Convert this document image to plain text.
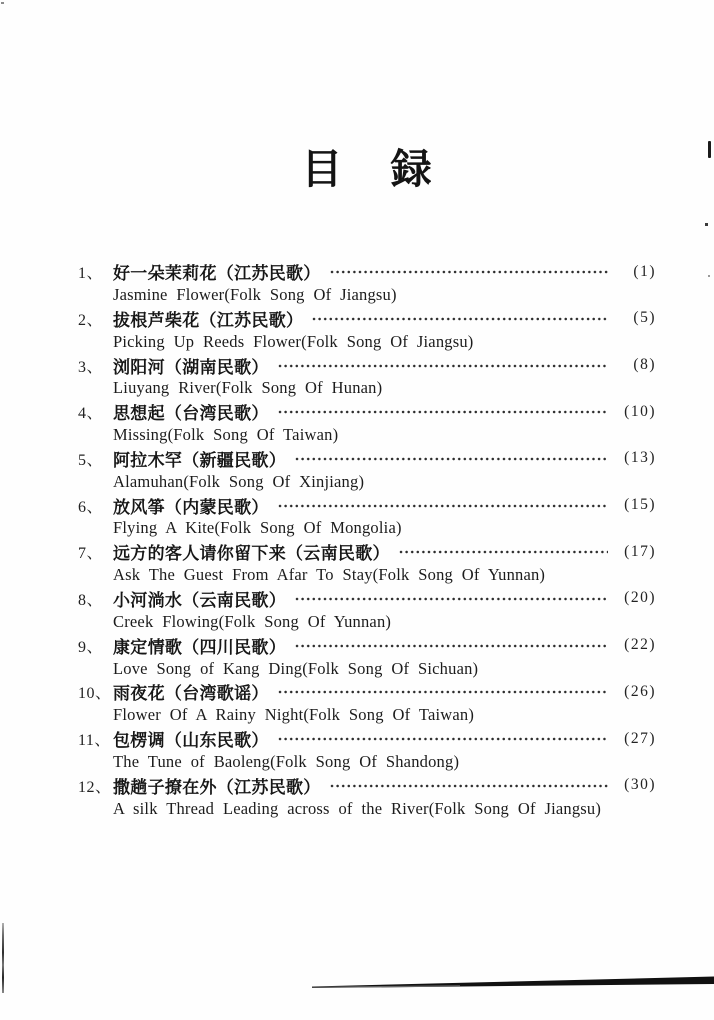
目 録
1、 好一朵茉莉花（江苏民歌）	(1)
Jasmine Flower(Folk Song Of Jiangsu)
2、 拔根芦柴花（江苏民歌）	(5)
Picking Up Reeds Flower(Folk Song Of Jiangsu)
3、 浏阳河（湖南民歌）	(8)
Liuyang River(Folk Song Of Hunan)
4、 思想起（台湾民歌）	(10)
Missing(Folk Song Of Taiwan)
5、 阿拉木罕（新疆民歌）	(13)
Alamuhan(Folk Song Of Xinjiang)
6、 放风筝（内蒙民歌）	(15)
Flying A Kite(Folk Song Of Mongolia)
7、 远方的客人请你留下来（云南民歌）	(17)
Ask The Guest From Afar To Stay(Folk Song Of Yunnan)
8、 小河淌水（云南民歌）	(20)
Creek Flowing(Folk Song Of Yunnan)
9、 康定情歌（四川民歌）	(22)
Love Song of Kang Ding(Folk Song Of Sichuan)
10、 雨夜花（台湾歌谣）	(26)
Flower Of A Rainy Night(Folk Song Of Taiwan)
11、 包楞调（山东民歌）	(27)
The Tune of Baoleng(Folk Song Of Shandong)
12、 撒趟子撩在外（江苏民歌）	(30)
A silk Thread Leading across of the River(Folk Song Of Jiangsu)
